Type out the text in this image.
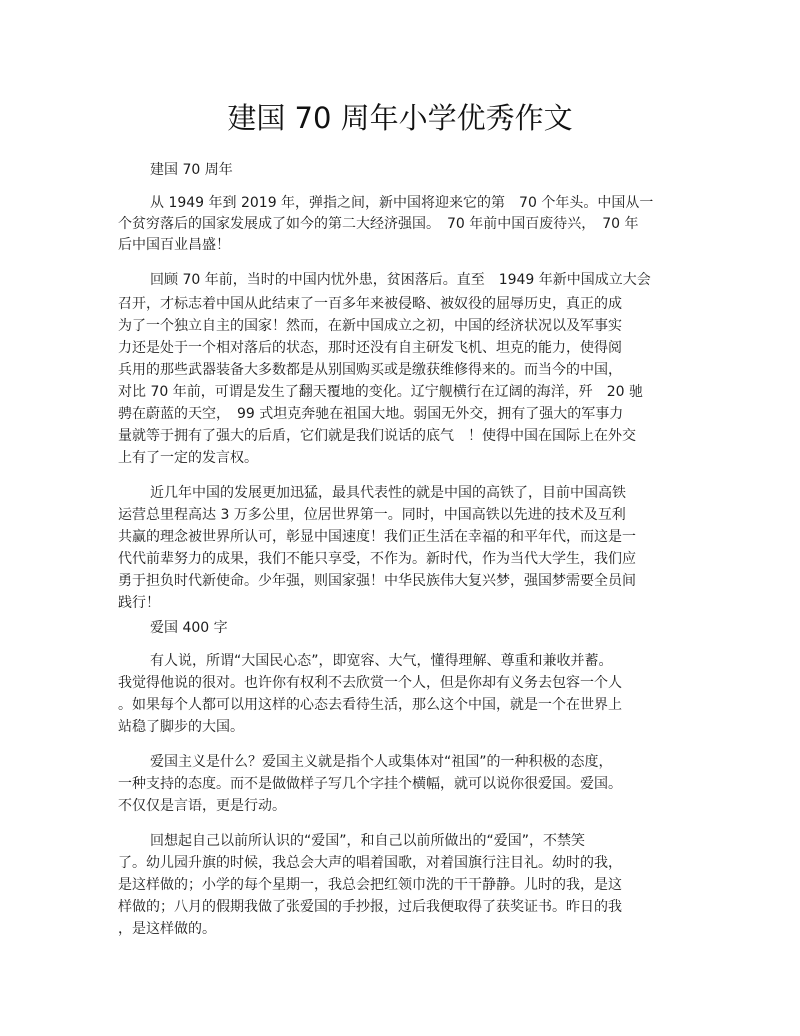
建国 70 周年小学优秀作文
建国 70 周年
从 1949 年到 2019 年，弹指之间，新中国将迎来它的第　70 个年头。中国从一
个贫穷落后的国家发展成了如今的第二大经济强国。　70 年前中国百废待兴，　70 年
后中国百业昌盛！
回顾 70 年前，当时的中国内忧外患，贫困落后。直至　1949 年新中国成立大会
召开，才标志着中国从此结束了一百多年来被侵略、被奴役的屈辱历史，真正的成
为了一个独立自主的国家！然而，在新中国成立之初，中国的经济状况以及军事实
力还是处于一个相对落后的状态，那时还没有自主研发飞机、坦克的能力，使得阅
兵用的那些武器装备大多数都是从别国购买或是缴获维修得来的。而当今的中国，
对比 70 年前，可谓是发生了翻天覆地的变化。辽宁舰横行在辽阔的海洋，歼　20 驰
骋在蔚蓝的天空，　99 式坦克奔驰在祖国大地。弱国无外交，拥有了强大的军事力
量就等于拥有了强大的后盾，它们就是我们说话的底气　！使得中国在国际上在外交
上有了一定的发言权。
近几年中国的发展更加迅猛，最具代表性的就是中国的高铁了，目前中国高铁
运营总里程高达 3 万多公里，位居世界第一。同时，中国高铁以先进的技术及互利
共赢的理念被世界所认可，彰显中国速度！我们正生活在幸福的和平年代，而这是一
代代前辈努力的成果，我们不能只享受，不作为。新时代，作为当代大学生，我们应
勇于担负时代新使命。少年强，则国家强！中华民族伟大复兴梦，强国梦需要全员间
践行！
爱国 400 字
有人说，所谓“大国民心态”，即宽容、大气，懂得理解、尊重和兼收并蓄。
我觉得他说的很对。也许你有权利不去欣赏一个人，但是你却有义务去包容一个人
。如果每个人都可以用这样的心态去看待生活，那么这个中国，就是一个在世界上
站稳了脚步的大国。
爱国主义是什么？爱国主义就是指个人或集体对“祖国”的一种积极的态度，
一种支持的态度。而不是做做样子写几个字挂个横幅，就可以说你很爱国。爱国。
不仅仅是言语，更是行动。
回想起自己以前所认识的“爱国”，和自己以前所做出的“爱国”，不禁笑
了。幼儿园升旗的时候，我总会大声的唱着国歌，对着国旗行注目礼。幼时的我，
是这样做的；小学的每个星期一，我总会把红领巾洗的干干静静。儿时的我，是这
样做的；八月的假期我做了张爱国的手抄报，过后我便取得了获奖证书。昨日的我
，是这样做的。
